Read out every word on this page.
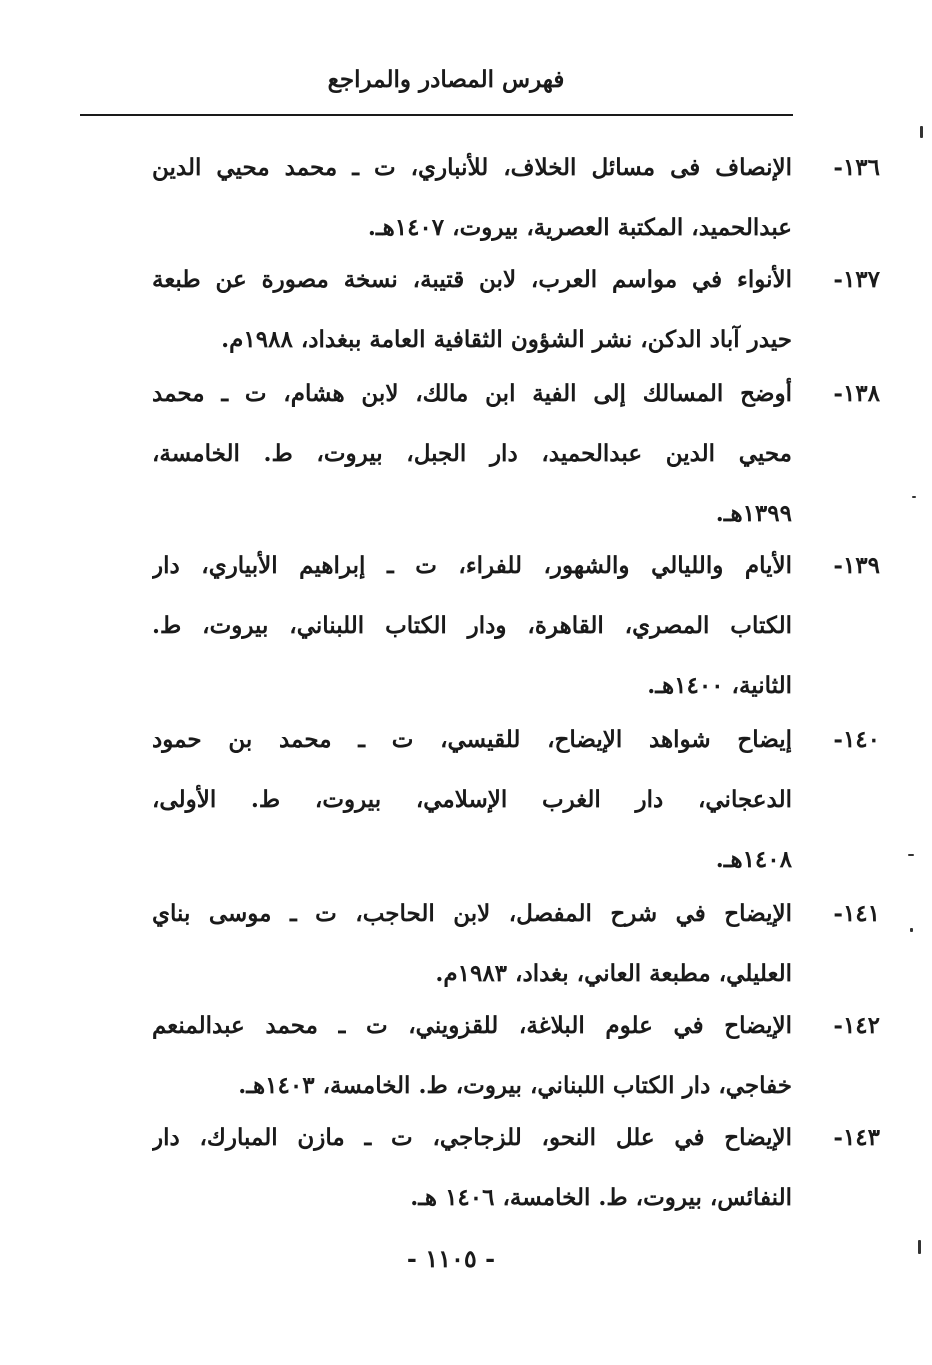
فهرس المصادر والمراجع
١٣٦-
الإنصاف فى مسائل الخلاف، للأنباري، ت ـ محمد محيي الدين
عبدالحميد، المكتبة العصرية، بيروت، ١٤٠٧هـ.
١٣٧-
الأنواء في مواسم العرب، لابن قتيبة، نسخة مصورة عن طبعة
حيدر آباد الدكن، نشر الشؤون الثقافية العامة ببغداد، ١٩٨٨م.
١٣٨-
أوضح المسالك إلى الفية ابن مالك، لابن هشام، ت ـ محمد
محيي الدين عبدالحميد، دار الجبل، بيروت، ط. الخامسة،
١٣٩٩هـ.
١٣٩-
الأيام والليالي والشهور، للفراء، ت ـ إبراهيم الأبياري، دار
الكتاب المصري، القاهرة، ودار الكتاب اللبناني، بيروت، ط.
الثانية، ١٤٠٠هـ.
١٤٠-
إيضاح شواهد الإيضاح، للقيسي، ت ـ محمد بن حمود
الدعجاني، دار الغرب الإسلامي، بيروت، ط. الأولى،
١٤٠٨هـ.
١٤١-
الإيضاح في شرح المفصل، لابن الحاجب، ت ـ موسى بناي
العليلي، مطبعة العاني، بغداد، ١٩٨٣م.
١٤٢-
الإيضاح في علوم البلاغة، للقزويني، ت ـ محمد عبدالمنعم
خفاجي، دار الكتاب اللبناني، بيروت، ط. الخامسة، ١٤٠٣هـ.
١٤٣-
الإيضاح في علل النحو، للزجاجي، ت ـ مازن المبارك، دار
النفائس، بيروت، ط. الخامسة، ١٤٠٦ هـ.
- ١١٠٥ -
